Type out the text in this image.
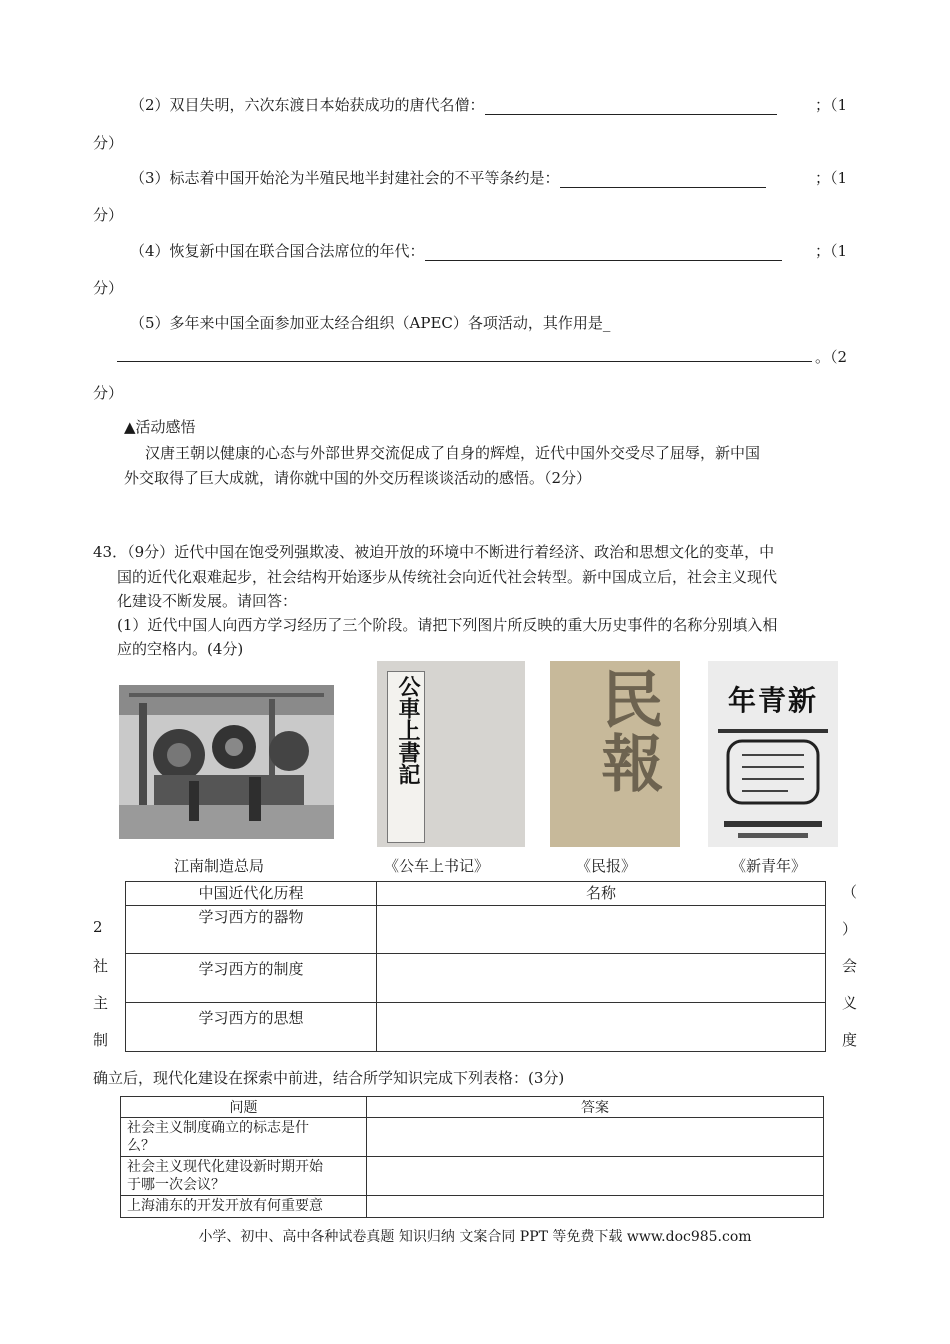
（2）双目失明，六次东渡日本始获成功的唐代名僧：	；（1
分）
（3）标志着中国开始沦为半殖民地半封建社会的不平等条约是：	；（1
分）
（4）恢复新中国在联合国合法席位的年代：	；（1
分）
（5）多年来中国全面参加亚太经合组织（APEC）各项活动，其作用是_
。（2
分）
▲活动感悟
汉唐王朝以健康的心态与外部世界交流促成了自身的辉煌，近代中国外交受尽了屈辱，新中国
外交取得了巨大成就，请你就中国的外交历程谈谈活动的感悟。（2分）
43．（9分）近代中国在饱受列强欺凌、被迫开放的环境中不断进行着经济、政治和思想文化的变革，中
国的近代化艰难起步，社会结构开始逐步从传统社会向近代社会转型。新中国成立后，社会主义现代
化建设不断发展。请回答：
(1）近代中国人向西方学习经历了三个阶段。请把下列图片所反映的重大历史事件的名称分别填入相
应的空格内。(4分)
公車上書記	民報	年青新
江南制造总局	《公车上书记》	《民报》	《新青年》
中国近代化历程	名称
学习西方的器物	
学习西方的制度	
学习西方的思想	
2
社
主
制
（
）
会
义
度
确立后，现代化建设在探索中前进，结合所学知识完成下列表格：(3分)
问题	答案

社会主义制度确立的标志是什
么？	

社会主义现代化建设新时期开始
于哪一次会议？	

上海浦东的开发开放有何重要意	

小学、初中、高中各种试卷真题 知识归纳 文案合同 PPT 等免费下载 www.doc985.com
